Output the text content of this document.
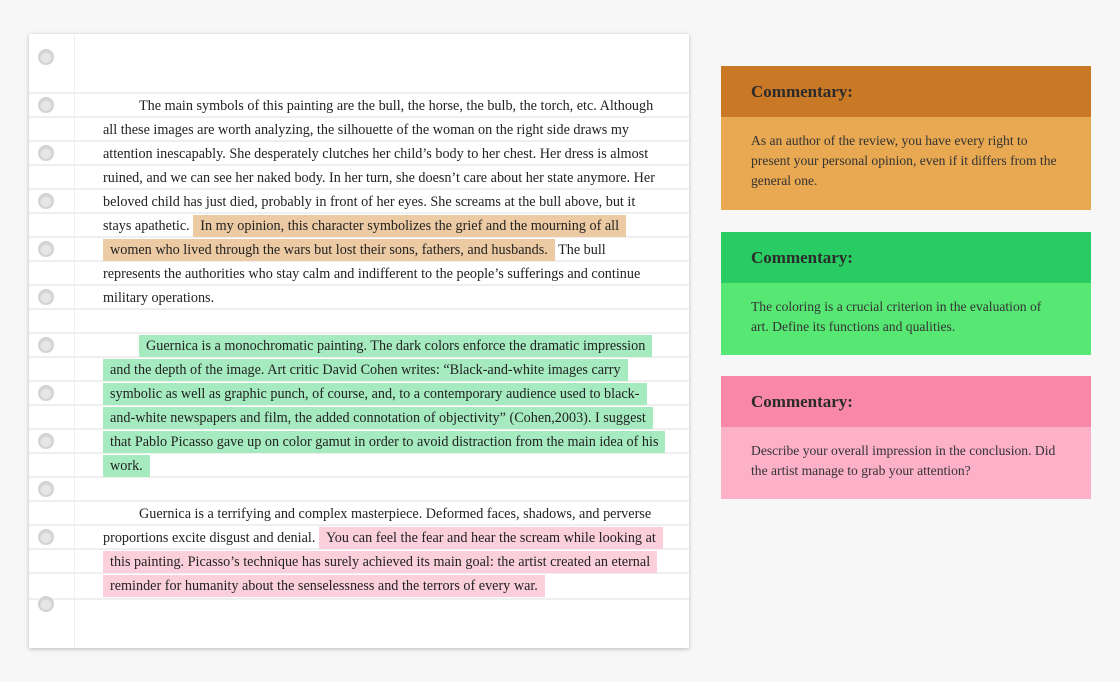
The main symbols of this painting are the bull, the horse, the bulb, the torch, etc. Although all these images are worth analyzing, the silhouette of the woman on the right side draws my attention inescapably. She desperately clutches her child’s body to her chest. Her dress is almost ruined, and we can see her naked body. In her turn, she doesn’t care about her state anymore. Her beloved child has just died, probably in front of her eyes. She screams at the bull above, but it stays apathetic. In my opinion, this character symbolizes the grief and the mourning of all women who lived through the wars but lost their sons, fathers, and husbands. The bull represents the authorities who stay calm and indifferent to the people’s sufferings and continue military operations.

Guernica is a monochromatic painting. The dark colors enforce the dramatic impression and the depth of the image. Art critic David Cohen writes: “Black-and-white images carry symbolic as well as graphic punch, of course, and, to a contemporary audience used to black-and-white newspapers and film, the added connotation of objectivity” (Cohen,2003). I suggest that Pablo Picasso gave up on color gamut in order to avoid distraction from the main idea of his work.

Guernica is a terrifying and complex masterpiece. Deformed faces, shadows, and perverse proportions excite disgust and denial. You can feel the fear and hear the scream while looking at this painting. Picasso’s technique has surely achieved its main goal: the artist created an eternal reminder for humanity about the senselessness and the terrors of every war.

Commentary:
As an author of the review, you have every right to present your personal opinion, even if it differs from the general one.
Commentary:
The coloring is a crucial criterion in the evaluation of art. Define its functions and qualities.
Commentary:
Describe your overall impression in the conclusion. Did the artist manage to grab your attention?
